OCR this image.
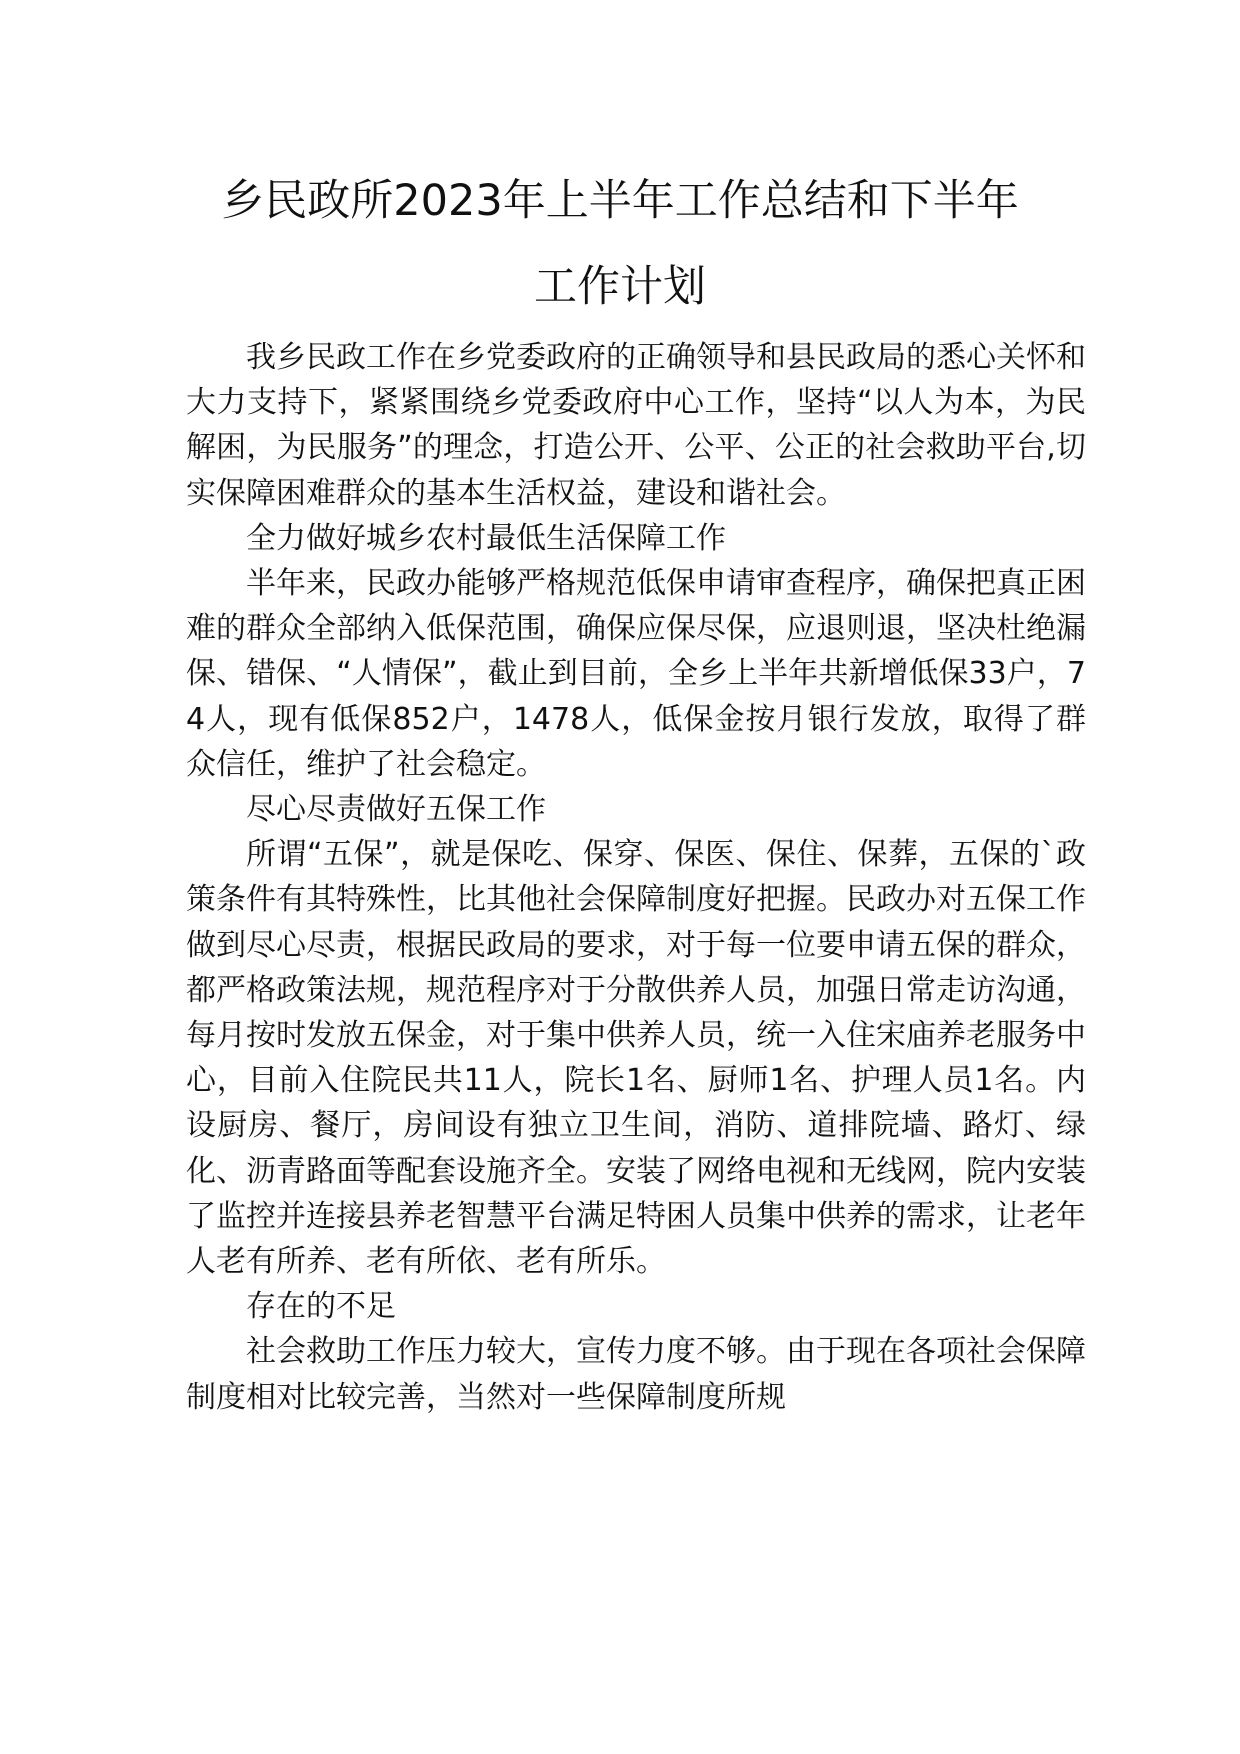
乡民政所2023年上半年工作总结和下半年
工作计划

我乡民政工作在乡党委政府的正确领导和县民政局的悉心关怀和大力支持下，紧紧围绕乡党委政府中心工作，坚持“以人为本，为民解困，为民服务”的理念，打造公开、公平、公正的社会救助平台,切实保障困难群众的基本生活权益，建设和谐社会。

全力做好城乡农村最低生活保障工作

半年来，民政办能够严格规范低保申请审查程序，确保把真正困难的群众全部纳入低保范围，确保应保尽保，应退则退，坚决杜绝漏保、错保、“人情保”，截止到目前，全乡上半年共新增低保33户，74人，现有低保852户，1478人，低保金按月银行发放，取得了群众信任，维护了社会稳定。

尽心尽责做好五保工作

所谓“五保”，就是保吃、保穿、保医、保住、保葬，五保的`政策条件有其特殊性，比其他社会保障制度好把握。民政办对五保工作做到尽心尽责，根据民政局的要求，对于每一位要申请五保的群众，都严格政策法规，规范程序对于分散供养人员，加强日常走访沟通，每月按时发放五保金，对于集中供养人员，统一入住宋庙养老服务中心，目前入住院民共11人，院长1名、厨师1名、护理人员1名。内设厨房、餐厅，房间设有独立卫生间，消防、道排院墙、路灯、绿化、沥青路面等配套设施齐全。安装了网络电视和无线网，院内安装了监控并连接县养老智慧平台满足特困人员集中供养的需求，让老年人老有所养、老有所依、老有所乐。

存在的不足

社会救助工作压力较大，宣传力度不够。由于现在各项社会保障制度相对比较完善，当然对一些保障制度所规
